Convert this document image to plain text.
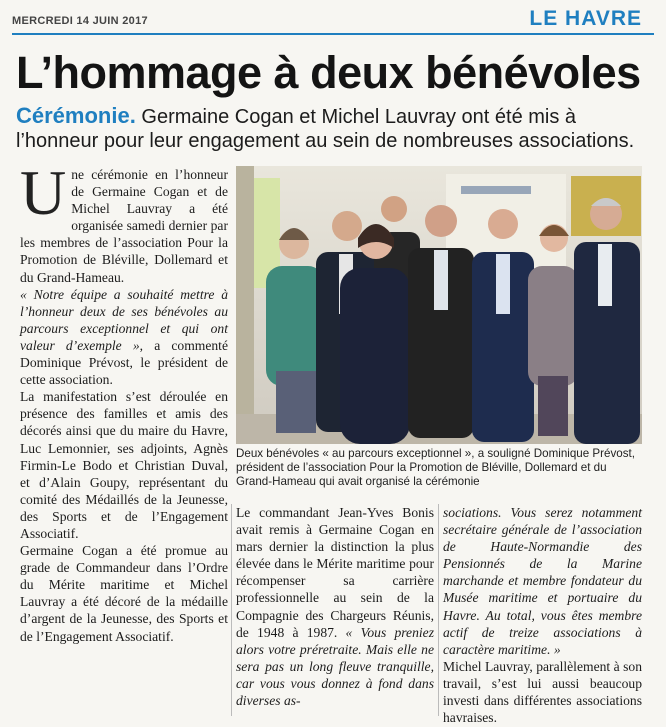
MERCREDI 14 JUIN 2017	LE HAVRE
L’hommage à deux bénévoles
Cérémonie. Germaine Cogan et Michel Lauvray ont été mis à l’honneur pour leur engagement au sein de nombreuses associations.

Une cérémonie en l’honneur de Germaine Cogan et de Michel Lauvray a été organisée samedi dernier par les membres de l’association Pour la Promotion de Bléville, Dollemard et du Grand-Hameau.

« Notre équipe a souhaité mettre à l’honneur deux de ses bénévoles au parcours exceptionnel et qui ont valeur d’exemple », a commenté Dominique Prévost, le président de cette association.

La manifestation s’est déroulée en présence des familles et amis des décorés ainsi que du maire du Havre, Luc Lemonnier, ses adjoints, Agnès Firmin-Le Bodo et Christian Duval, et d’Alain Goupy, représentant du comité des Médaillés de la Jeunesse, des Sports et de l’Engagement Associatif.

Germaine Cogan a été promue au grade de Commandeur dans l’Ordre du Mérite maritime et Michel Lauvray a été décoré de la médaille d’argent de la Jeunesse, des Sports et de l’Engagement Associatif.

Deux bénévoles « au parcours exceptionnel », a souligné Dominique Prévost, président de l’association Pour la Promotion de Bléville, Dollemard et du Grand-Hameau qui avait organisé la cérémonie

Le commandant Jean-Yves Bonis avait remis à Germaine Cogan en mars dernier la distinction la plus élevée dans le Mérite maritime pour récompenser sa carrière professionnelle au sein de la Compagnie des Chargeurs Réunis, de 1948 à 1987. « Vous preniez alors votre préretraite. Mais elle ne sera pas un long fleuve tranquille, car vous vous donnez à fond dans diverses as-

sociations. Vous serez notamment secrétaire générale de l’association de Haute-Normandie des Pensionnés de la Marine marchande et membre fondateur du Musée maritime et portuaire du Havre. Au total, vous êtes membre actif de treize associations à caractère maritime. »

Michel Lauvray, parallèlement à son travail, s’est lui aussi beaucoup investi dans différentes associations havraises.
